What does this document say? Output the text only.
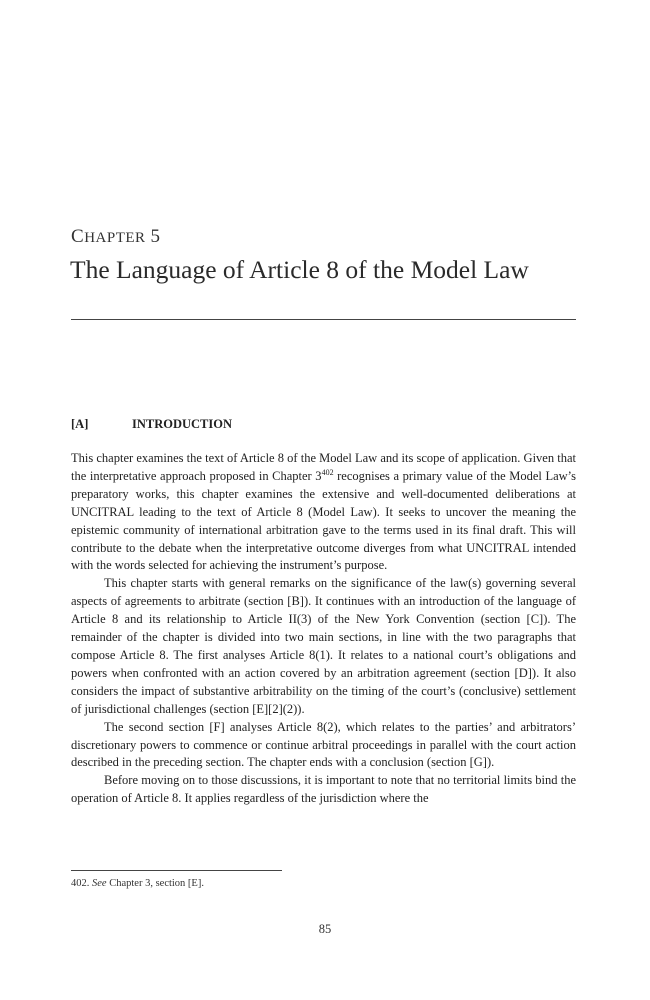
CHAPTER 5
The Language of Article 8 of the Model Law
[A]	INTRODUCTION

This chapter examines the text of Article 8 of the Model Law and its scope of application. Given that the interpretative approach proposed in Chapter $3^{402}$ recognises a primary value of the Model Law’s preparatory works, this chapter examines the extensive and well-documented deliberations at UNCITRAL leading to the text of Article 8 (Model Law). It seeks to uncover the meaning the epistemic community of international arbitration gave to the terms used in its final draft. This will contribute to the debate when the interpretative outcome diverges from what UNCITRAL intended with the words selected for achieving the instrument’s purpose.

This chapter starts with general remarks on the significance of the law(s) governing several aspects of agreements to arbitrate (section [B]). It continues with an introduction of the language of Article 8 and its relationship to Article II(3) of the New York Convention (section [C]). The remainder of the chapter is divided into two main sections, in line with the two paragraphs that compose Article 8. The first analyses Article 8(1). It relates to a national court’s obligations and powers when confronted with an action covered by an arbitration agreement (section [D]). It also considers the impact of substantive arbitrability on the timing of the court’s (conclusive) settlement of jurisdictional challenges (section [E][2](2)).

The second section [F] analyses Article 8(2), which relates to the parties’ and arbitrators’ discretionary powers to commence or continue arbitral proceedings in parallel with the court action described in the preceding section. The chapter ends with a conclusion (section [G]).

Before moving on to those discussions, it is important to note that no territorial limits bind the operation of Article 8. It applies regardless of the jurisdiction where the

402. See Chapter 3, section [E].
85
